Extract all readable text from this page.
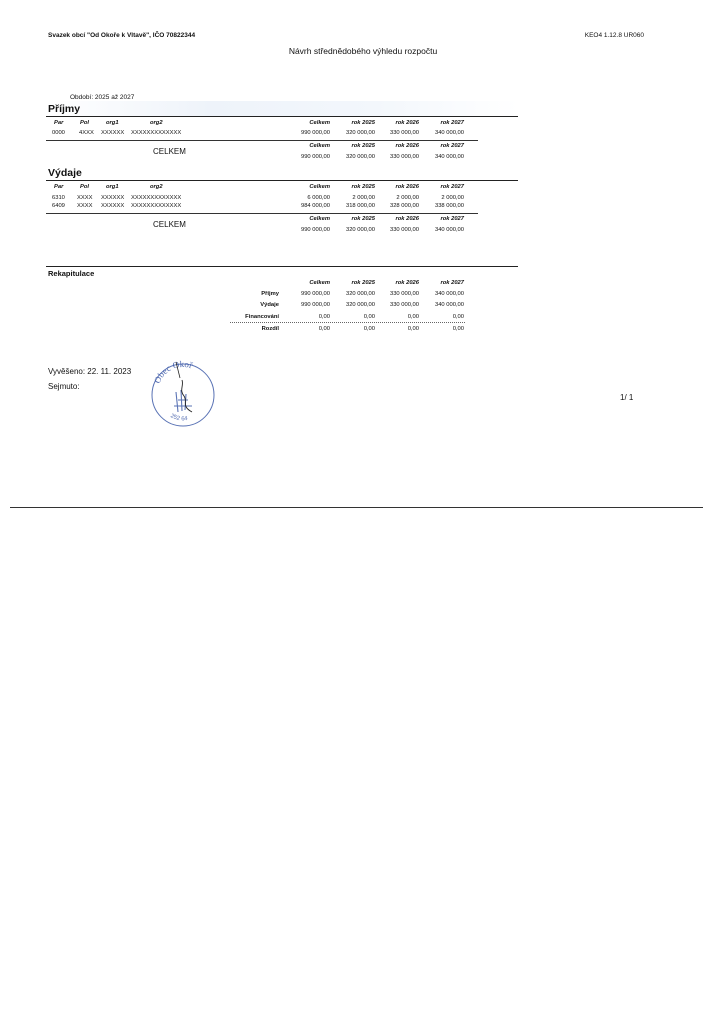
Svazek obcí "Od Okoře k Vltavě", IČO 70822344	KEO4 1.12.8 UR060
Návrh střednědobého výhledu rozpočtu
Období: 2025 až 2027
Příjmy
Par	Pol	org1	org2	Celkem	rok 2025	rok 2026	rok 2027
0000 4XXX XXXXXX XXXXXXXXXXXXX	990 000,00	320 000,00	330 000,00	340 000,00
CELKEM
Celkem	rok 2025	rok 2026	rok 2027
990 000,00	320 000,00	330 000,00	340 000,00
Výdaje
Par	Pol	org1	org2	Celkem	rok 2025	rok 2026	rok 2027
6310 XXXX XXXXXX XXXXXXXXXXXXX	6 000,00	2 000,00	2 000,00	2 000,00
6409 XXXX XXXXXX XXXXXXXXXXXXX	984 000,00	318 000,00	328 000,00	338 000,00
CELKEM
Celkem	rok 2025	rok 2026	rok 2027
990 000,00	320 000,00	330 000,00	340 000,00
Rekapitulace
Celkem	rok 2025	rok 2026	rok 2027
Příjmy	990 000,00	320 000,00	330 000,00	340 000,00
Výdaje	990 000,00	320 000,00	330 000,00	340 000,00
Financování	0,00	0,00	0,00	0,00
Rozdíl	0,00	0,00	0,00	0,00
Vyvěšeno: 22. 11. 2023
Sejmuto:
1/ 1
Obec Okoř
252 64
